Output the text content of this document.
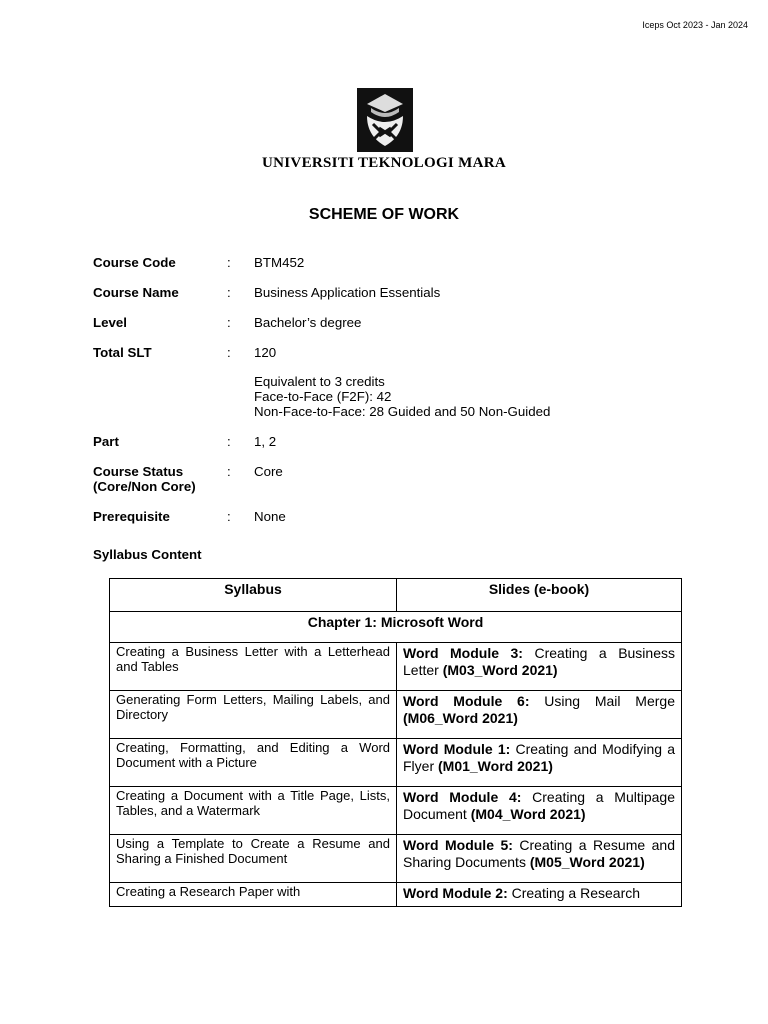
Iceps Oct 2023 - Jan 2024
UNIVERSITI TEKNOLOGI MARA
SCHEME OF WORK
Course Code	:	BTM452
Course Name	:	Business Application Essentials
Level	:	Bachelor’s degree
Total SLT	:	120
Equivalent to 3 credits
Face-to-Face (F2F): 42
Non-Face-to-Face: 28 Guided and 50 Non-Guided
Part	:	1, 2
Course Status
(Core/Non Core)
:	Core
Prerequisite	:	None
Syllabus Content
Syllabus	Slides (e-book)
Chapter 1: Microsoft Word	
Creating a Business Letter with a Letterhead and Tables	Word Module 3: Creating a Business Letter (M03_Word 2021)
Generating Form Letters, Mailing Labels, and Directory	Word Module 6: Using Mail Merge (M06_Word 2021)
Creating, Formatting, and Editing a Word Document with a Picture	Word Module 1: Creating and Modifying a Flyer (M01_Word 2021)
Creating a Document with a Title Page, Lists, Tables, and a Watermark	Word Module 4: Creating a Multipage Document (M04_Word 2021)
Using a Template to Create a Resume and Sharing a Finished Document	Word Module 5: Creating a Resume and Sharing Documents (M05_Word 2021)
Creating a Research Paper with	Word Module 2: Creating a Research
